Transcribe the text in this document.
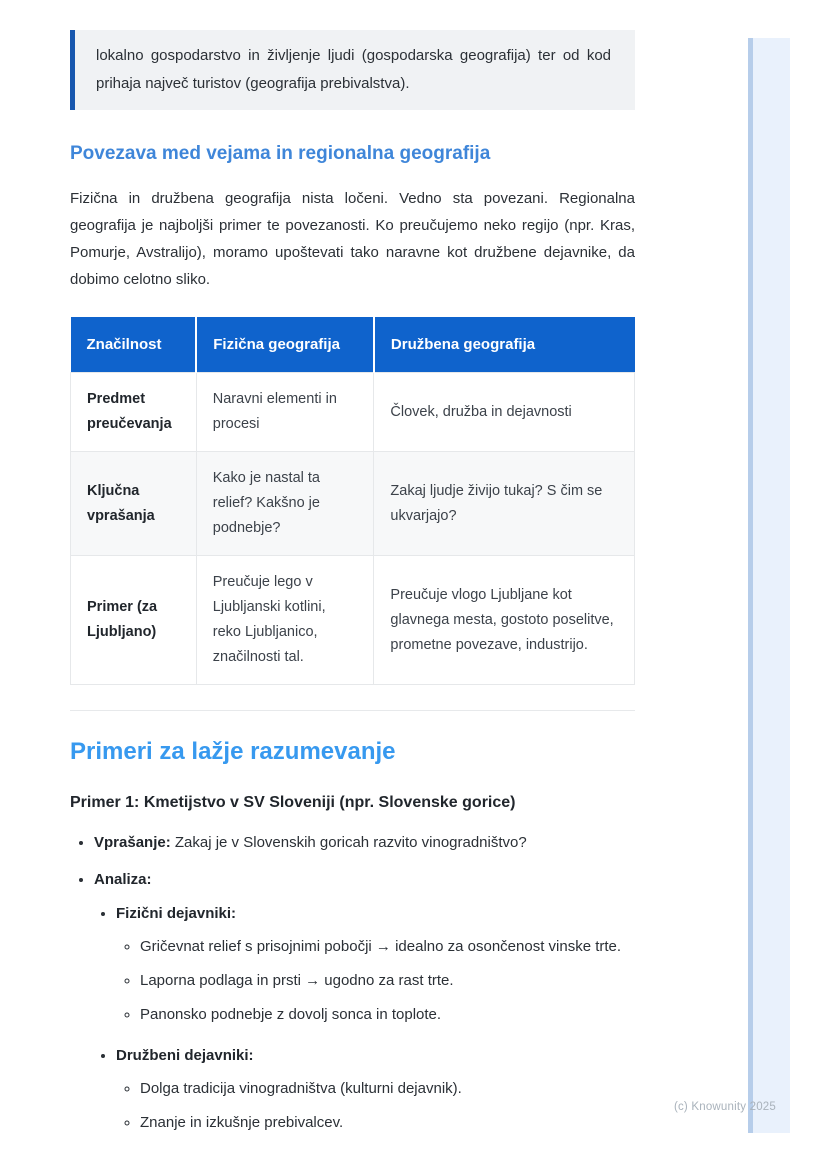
lokalno gospodarstvo in življenje ljudi (gospodarska geografija) ter od kod prihaja največ turistov (geografija prebivalstva).
Povezava med vejama in regionalna geografija
Fizična in družbena geografija nista ločeni. Vedno sta povezani. Regionalna geografija je najboljši primer te povezanosti. Ko preučujemo neko regijo (npr. Kras, Pomurje, Avstralijo), moramo upoštevati tako naravne kot družbene dejavnike, da dobimo celotno sliko.
Značilnost	Fizična geografija	Družbena geografija
Predmet preučevanja	Naravni elementi in procesi	Človek, družba in dejavnosti
Ključna vprašanja	Kako je nastal ta relief? Kakšno je podnebje?	Zakaj ljudje živijo tukaj? S čim se ukvarjajo?
Primer (za Ljubljano)	Preučuje lego v Ljubljanski kotlini, reko Ljubljanico, značilnosti tal.	Preučuje vlogo Ljubljane kot glavnega mesta, gostoto poselitve, prometne povezave, industrijo.
Primeri za lažje razumevanje
Primer 1: Kmetijstvo v SV Sloveniji (npr. Slovenske gorice)
• Vprašanje: Zakaj je v Slovenskih goricah razvito vinogradništvo?
• Analiza:
• Fizični dejavniki:
◦ Gričevnat relief s prisojnimi pobočji → idealno za osončenost vinske trte.
◦ Laporna podlaga in prsti → ugodno za rast trte.
◦ Panonsko podnebje z dovolj sonca in toplote.
• Družbeni dejavniki:
◦ Dolga tradicija vinogradništva (kulturni dejavnik).
◦ Znanje in izkušnje prebivalcev.
(c) Knowunity 2025
